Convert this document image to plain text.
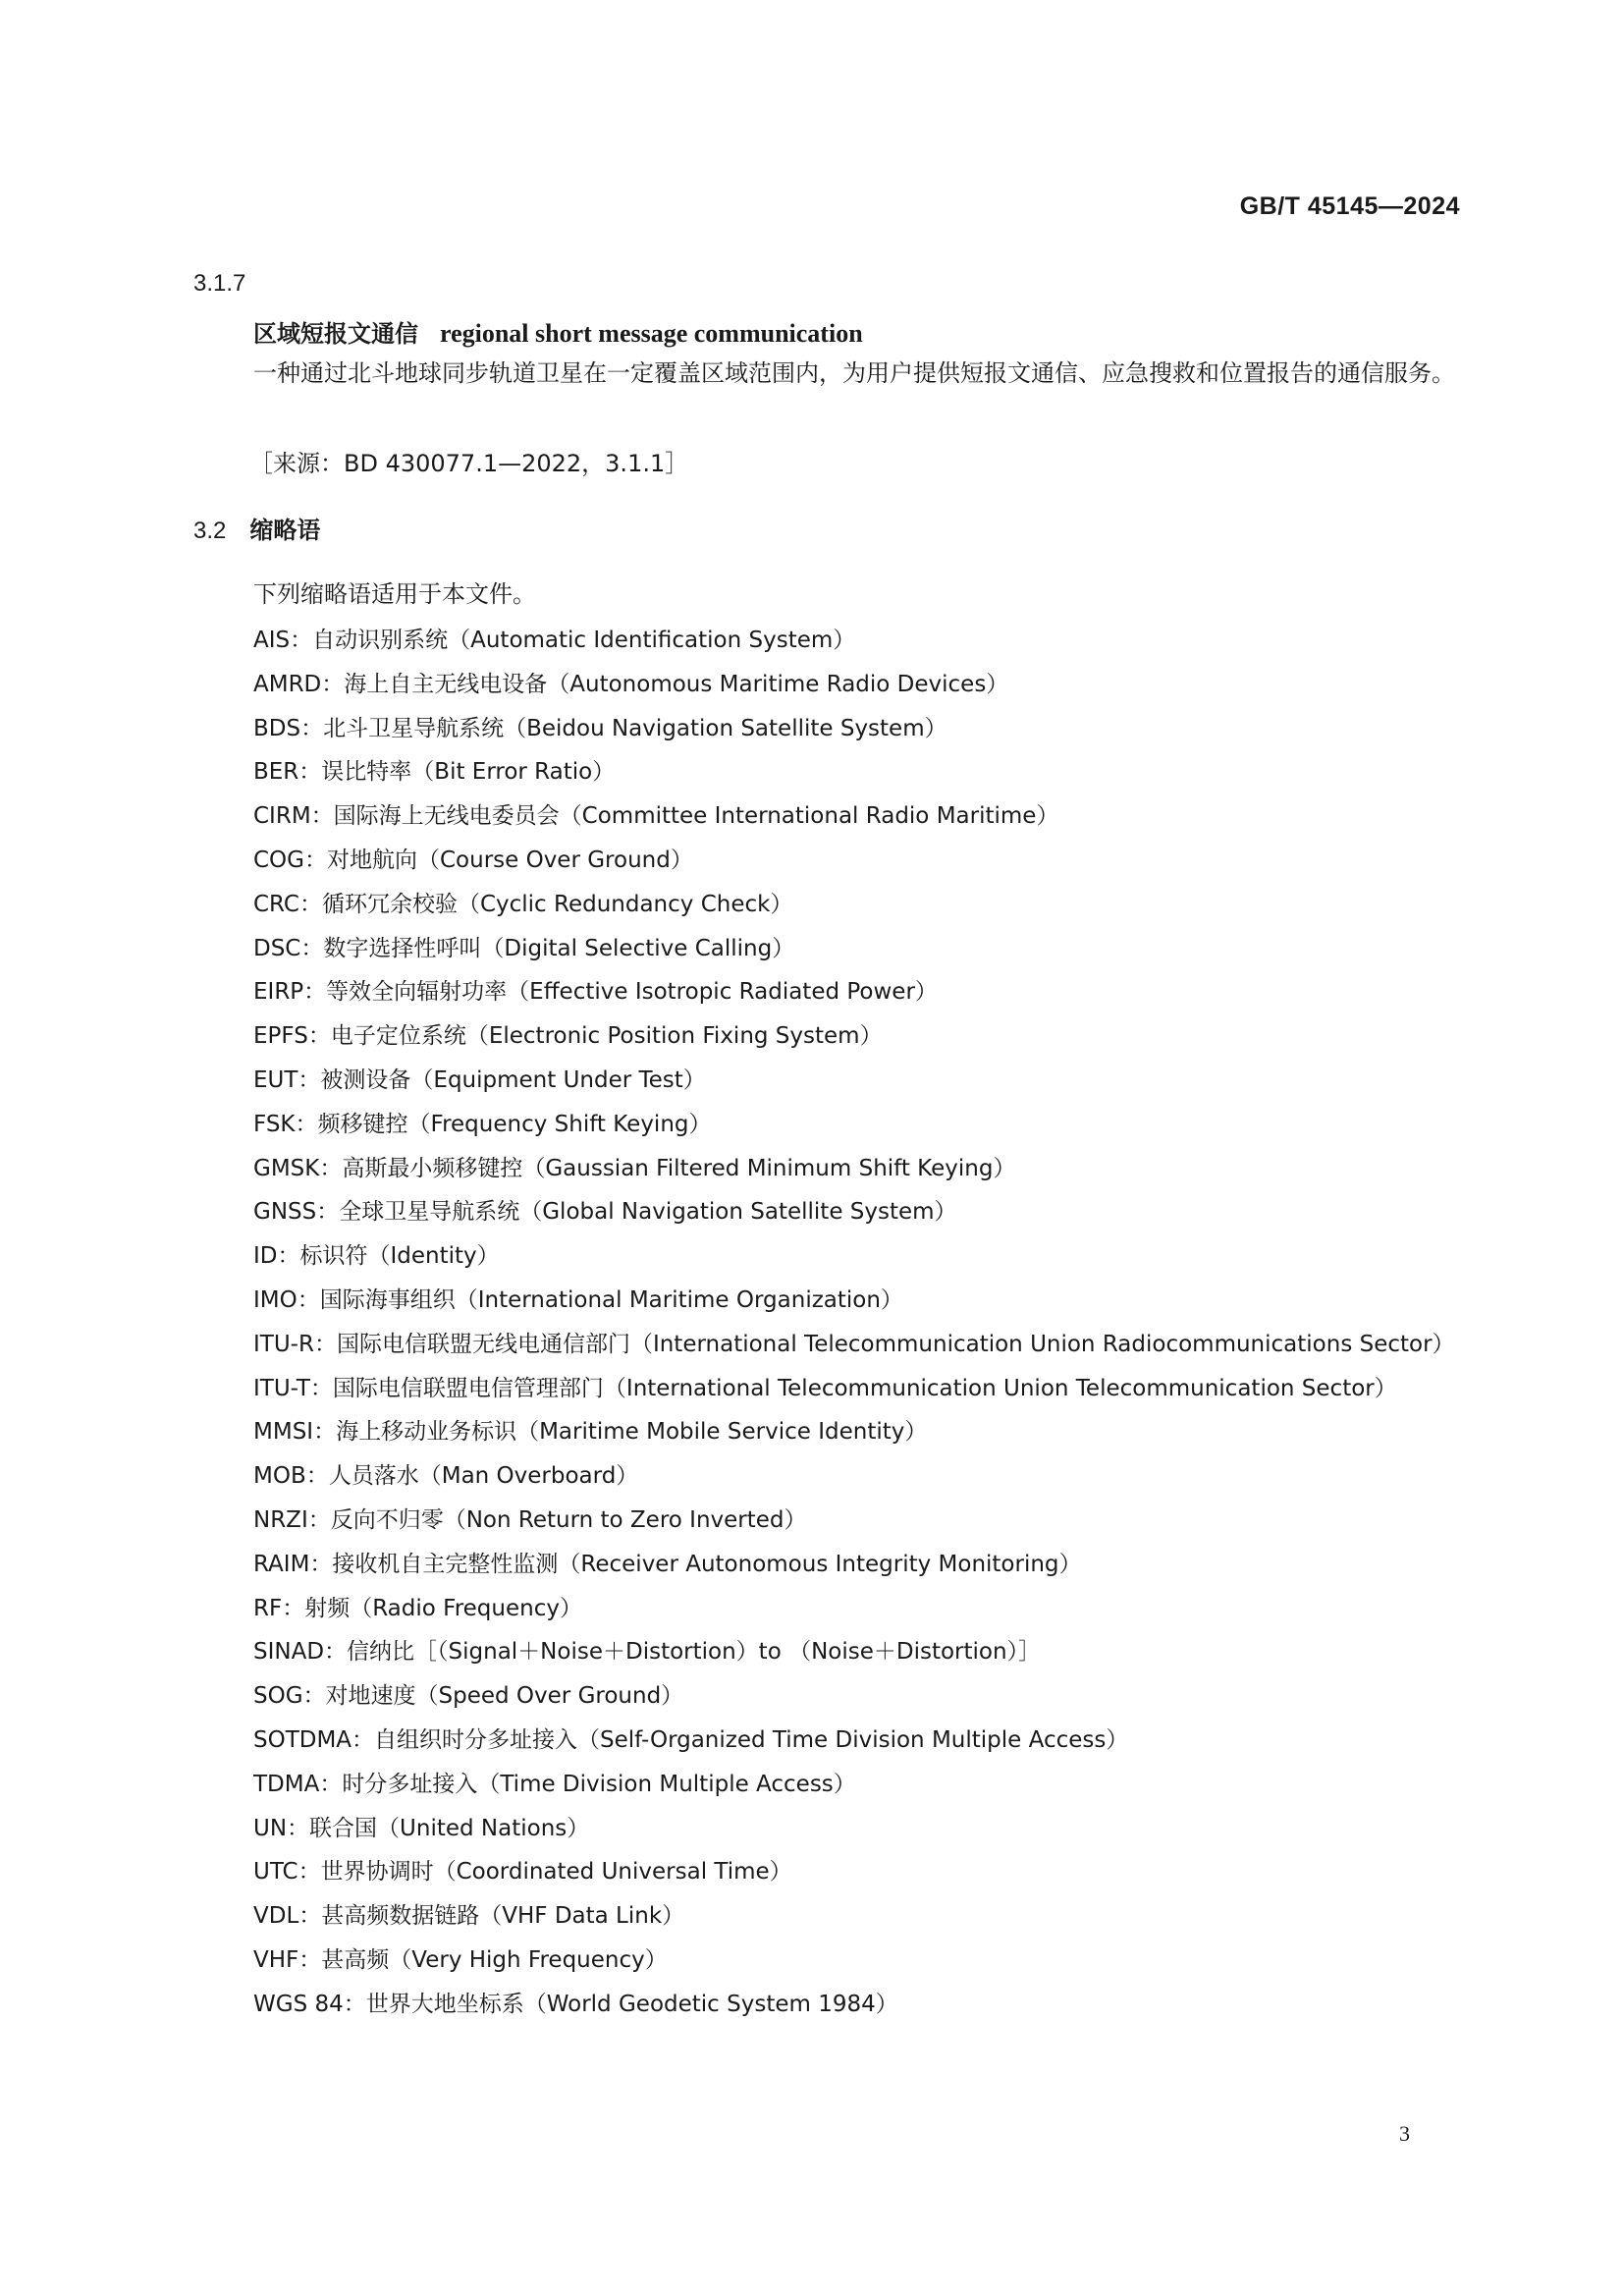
GB/T 45145—2024
3.1.7
区域短报文通信 regional short message communication

一种通过北斗地球同步轨道卫星在一定覆盖区域范围内，为用户提供短报文通信、应急搜救和位置报告的通信服务。

［来源：BD 430077.1—2022，3.1.1］
3.2 缩略语
下列缩略语适用于本文件。
AIS：自动识别系统（Automatic Identification System）
AMRD：海上自主无线电设备（Autonomous Maritime Radio Devices）
BDS：北斗卫星导航系统（Beidou Navigation Satellite System）
BER：误比特率（Bit Error Ratio）
CIRM：国际海上无线电委员会（Committee International Radio Maritime）
COG：对地航向（Course Over Ground）
CRC：循环冗余校验（Cyclic Redundancy Check）
DSC：数字选择性呼叫（Digital Selective Calling）
EIRP：等效全向辐射功率（Effective Isotropic Radiated Power）
EPFS：电子定位系统（Electronic Position Fixing System）
EUT：被测设备（Equipment Under Test）
FSK：频移键控（Frequency Shift Keying）
GMSK：高斯最小频移键控（Gaussian Filtered Minimum Shift Keying）
GNSS：全球卫星导航系统（Global Navigation Satellite System）
ID：标识符（Identity）
IMO：国际海事组织（International Maritime Organization）
ITU-R：国际电信联盟无线电通信部门（International Telecommunication Union Radiocommunications Sector）
ITU-T：国际电信联盟电信管理部门（International Telecommunication Union Telecommunication Sector）
MMSI：海上移动业务标识（Maritime Mobile Service Identity）
MOB：人员落水（Man Overboard）
NRZI：反向不归零（Non Return to Zero Inverted）
RAIM：接收机自主完整性监测（Receiver Autonomous Integrity Monitoring）
RF：射频（Radio Frequency）
SINAD：信纳比［（Signal＋Noise＋Distortion）to （Noise＋Distortion）］
SOG：对地速度（Speed Over Ground）
SOTDMA：自组织时分多址接入（Self-Organized Time Division Multiple Access）
TDMA：时分多址接入（Time Division Multiple Access）
UN：联合国（United Nations）
UTC：世界协调时（Coordinated Universal Time）
VDL：甚高频数据链路（VHF Data Link）
VHF：甚高频（Very High Frequency）
WGS 84：世界大地坐标系（World Geodetic System 1984）
3
